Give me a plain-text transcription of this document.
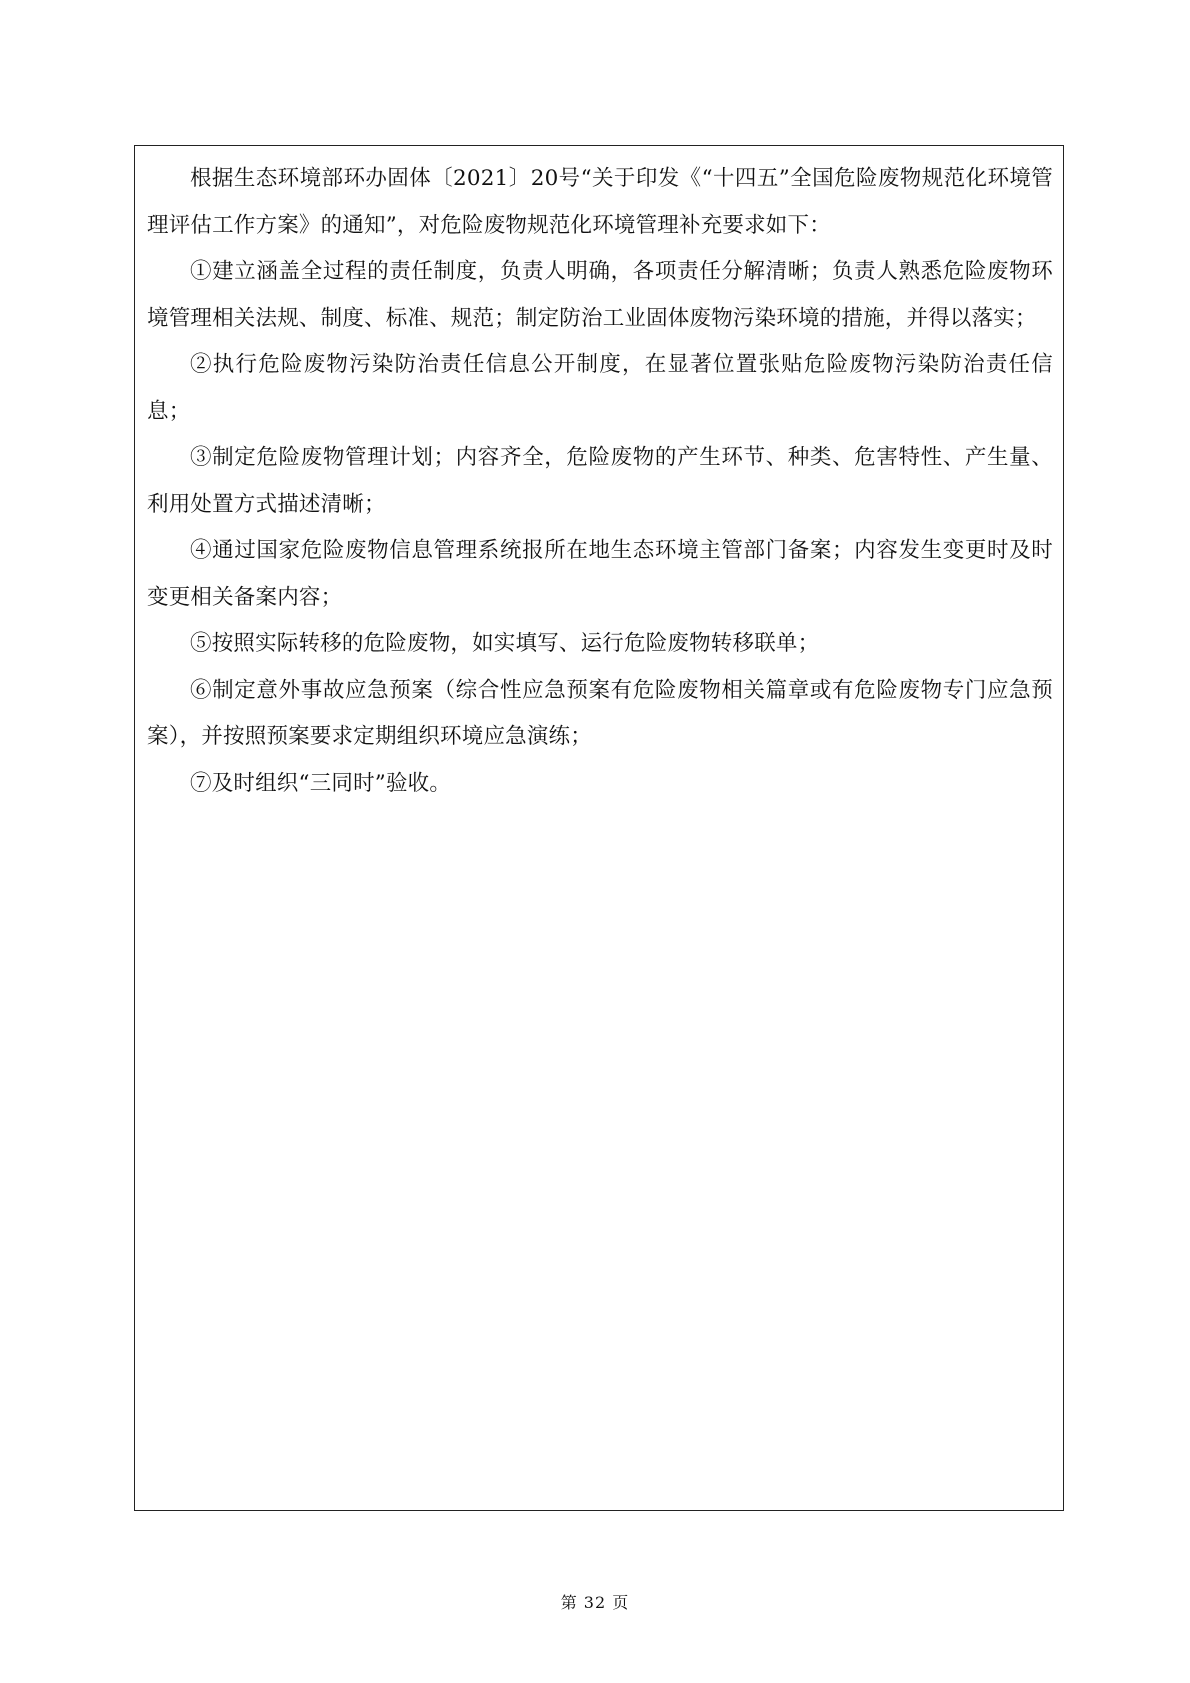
根据生态环境部环办固体〔2021〕20号“关于印发《“十四五”全国危险废物规范化环境管理评估工作方案》的通知”，对危险废物规范化环境管理补充要求如下：

①建立涵盖全过程的责任制度，负责人明确，各项责任分解清晰；负责人熟悉危险废物环境管理相关法规、制度、标准、规范；制定防治工业固体废物污染环境的措施，并得以落实；

②执行危险废物污染防治责任信息公开制度，在显著位置张贴危险废物污染防治责任信息；

③制定危险废物管理计划；内容齐全，危险废物的产生环节、种类、危害特性、产生量、利用处置方式描述清晰；

④通过国家危险废物信息管理系统报所在地生态环境主管部门备案；内容发生变更时及时变更相关备案内容；

⑤按照实际转移的危险废物，如实填写、运行危险废物转移联单；

⑥制定意外事故应急预案（综合性应急预案有危险废物相关篇章或有危险废物专门应急预案），并按照预案要求定期组织环境应急演练；

⑦及时组织“三同时”验收。

第 32 页
